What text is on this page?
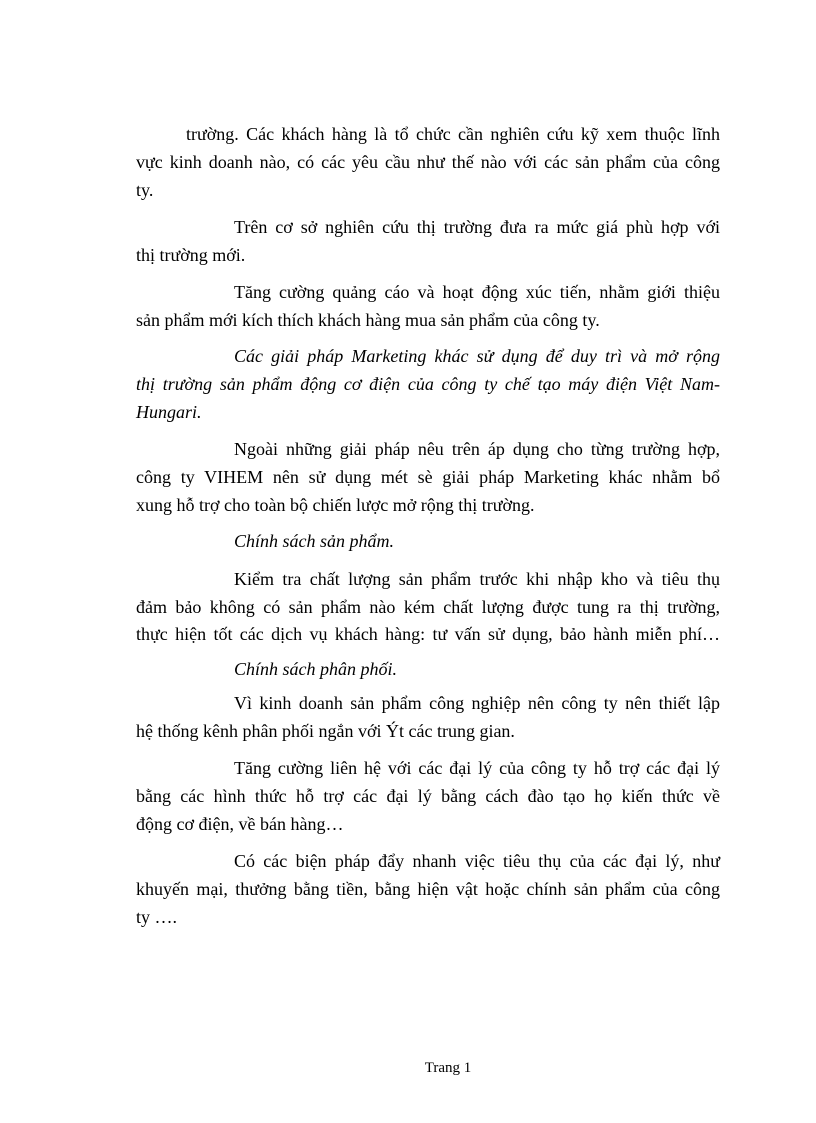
trường. Các khách hàng là tổ chức cần nghiên cứu kỹ xem thuộc lĩnh
vực kinh doanh nào, có các yêu cầu như thế nào với các sản phẩm của công
ty.
Trên cơ sở nghiên cứu thị trường đưa ra mức giá phù hợp với
thị trường mới.
Tăng cường quảng cáo và hoạt động xúc tiến, nhằm giới thiệu
sản phẩm mới kích thích khách hàng mua sản phẩm của công ty.
Các giải pháp Marketing khác sử dụng để duy trì và mở rộng
thị trường sản phẩm động cơ điện của công ty chế tạo máy điện Việt Nam-
Hungari.
Ngoài những giải pháp nêu trên áp dụng cho từng trường hợp,
công ty VIHEM nên sử dụng mét sè giải pháp Marketing khác nhằm bổ
xung hỗ trợ cho toàn bộ chiến lược mở rộng thị trường.
Chính sách sản phẩm.
Kiểm tra chất lượng sản phẩm trước khi nhập kho và tiêu thụ
đảm bảo không có sản phẩm nào kém chất lượng được tung ra thị trường,
thực hiện tốt các dịch vụ khách hàng: tư vấn sử dụng, bảo hành miễn phí…
Chính sách phân phối.
Vì kinh doanh sản phẩm công nghiệp nên công ty nên thiết lập
hệ thống kênh phân phối ngắn với Ýt các trung gian.
Tăng cường liên hệ với các đại lý của công ty hỗ trợ các đại lý
bằng các hình thức hỗ trợ các đại lý bằng cách đào tạo họ kiến thức về
động cơ điện, về bán hàng…
Có các biện pháp đẩy nhanh việc tiêu thụ của các đại lý, như
khuyến mại, thưởng bằng tiền, bằng hiện vật hoặc chính sản phẩm của công
ty ….
Trang 1
